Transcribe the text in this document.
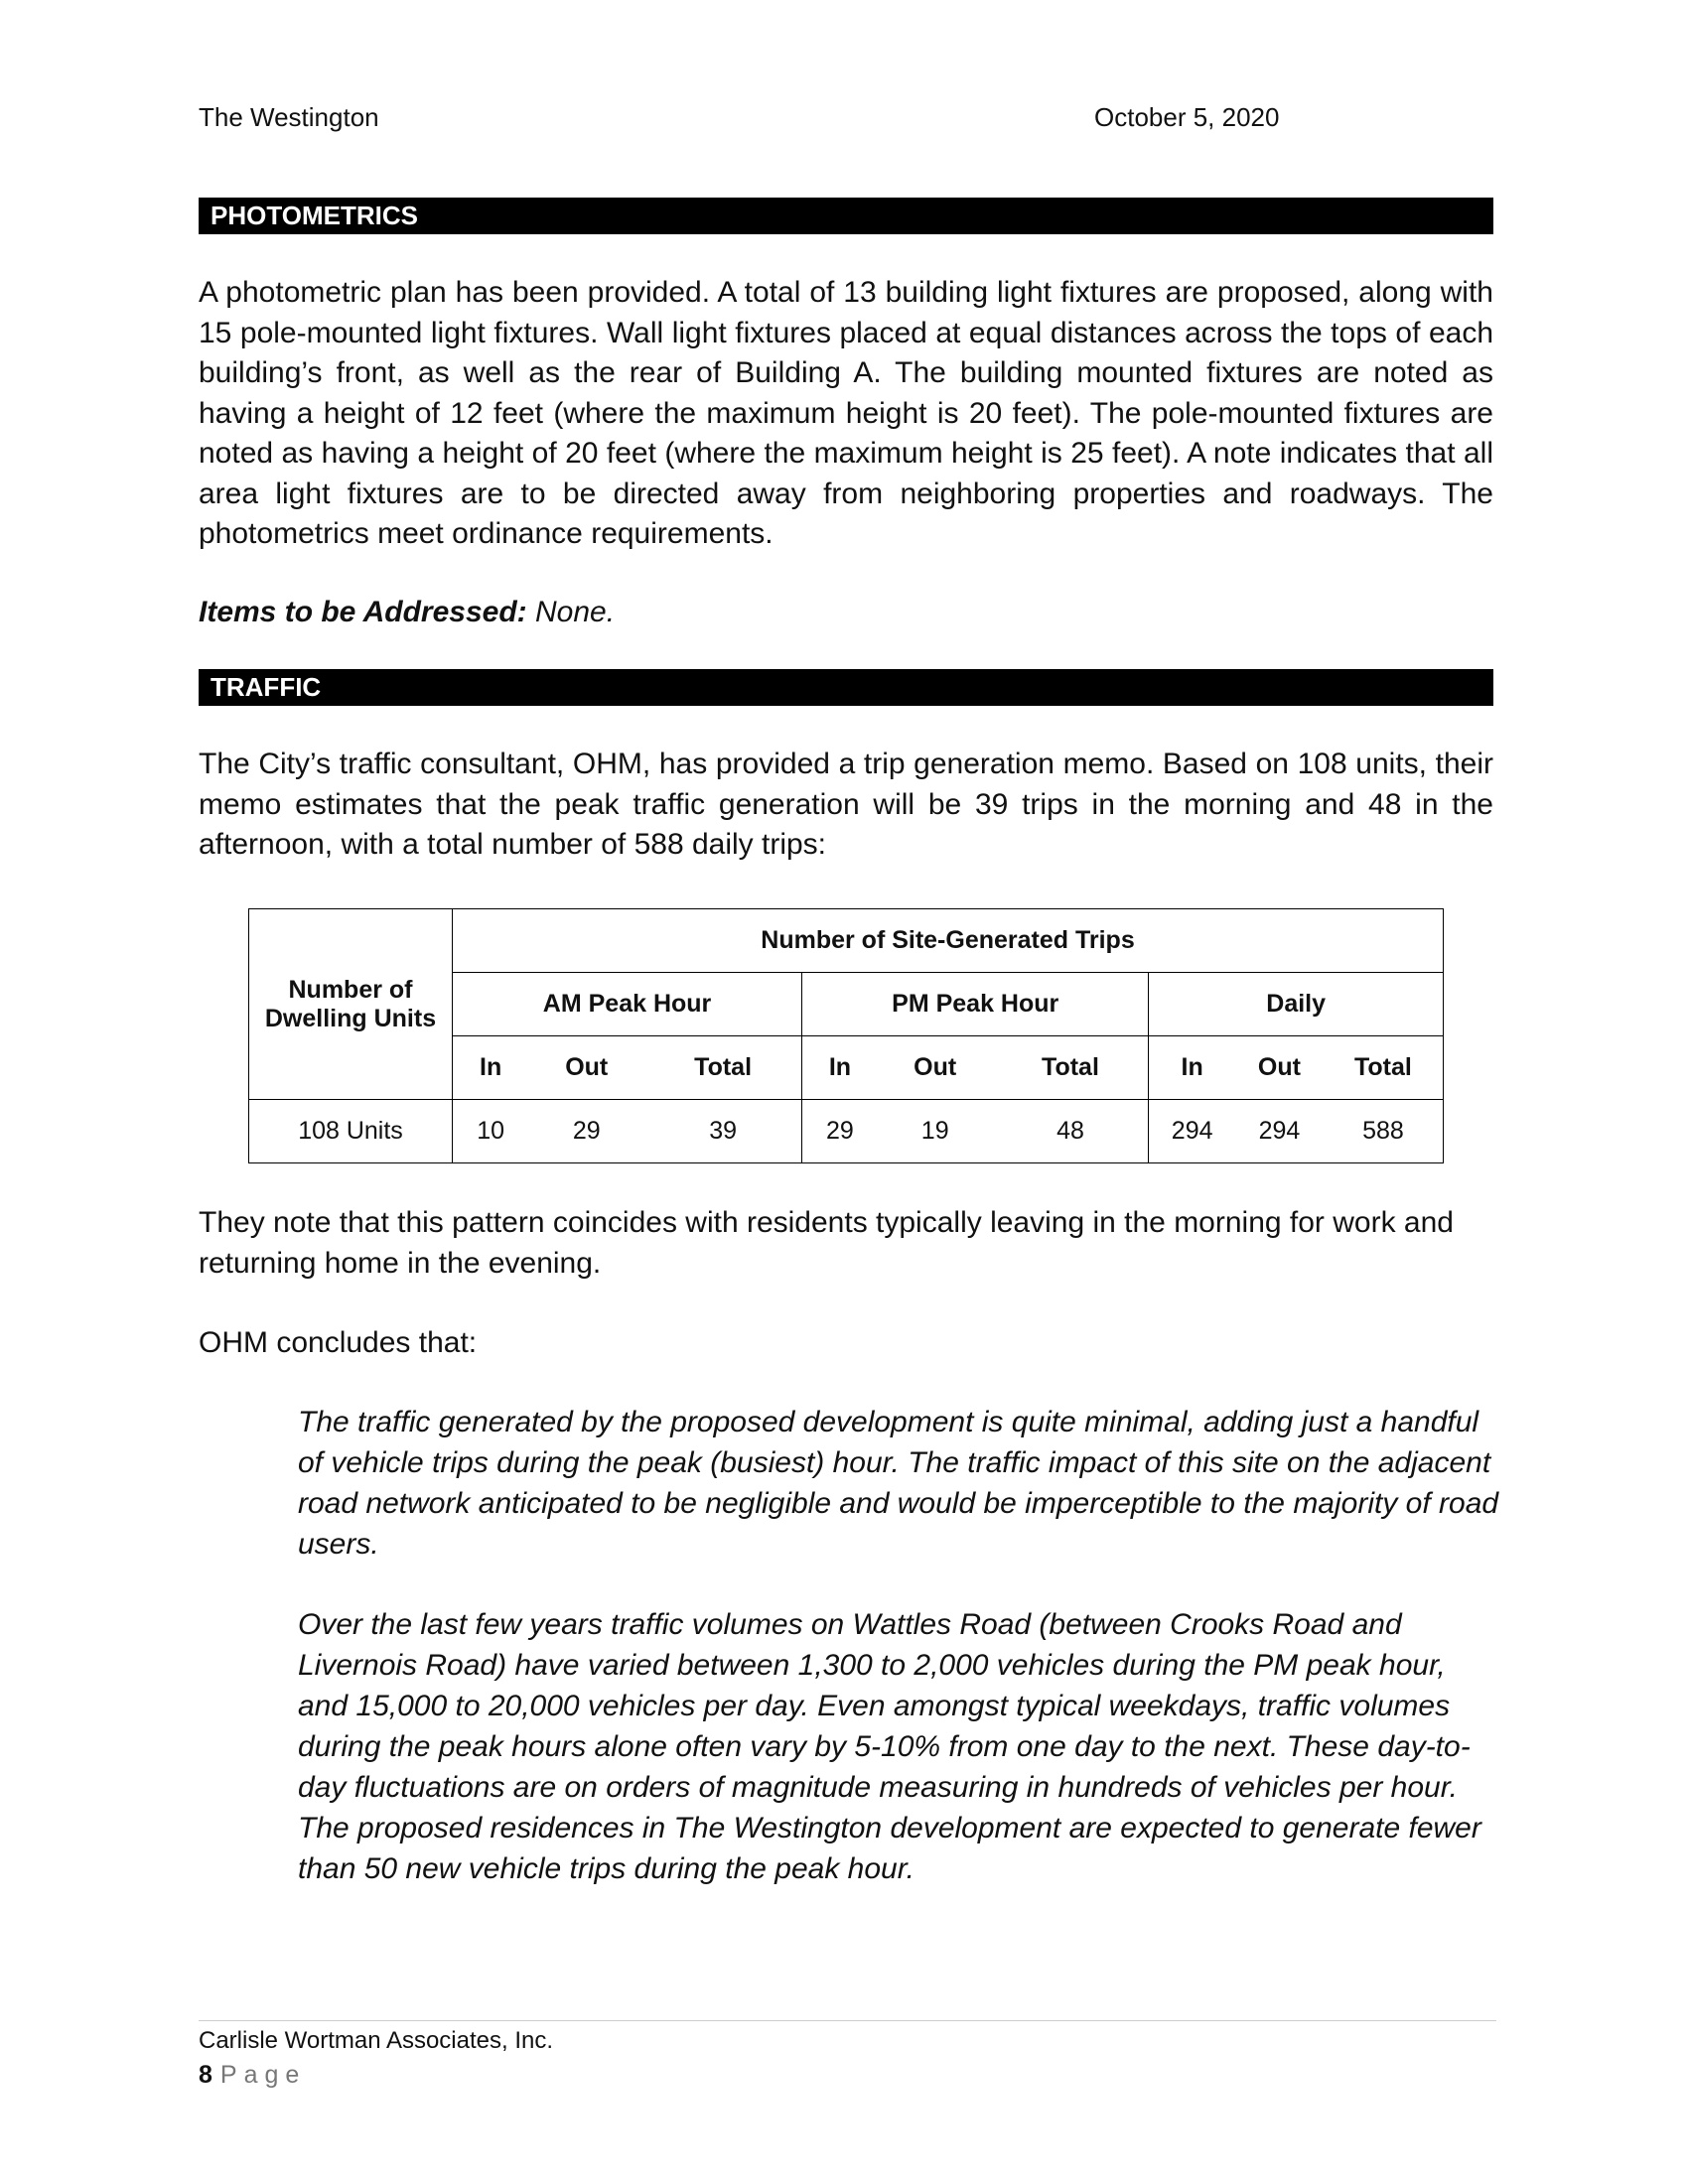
The Westington	October 5, 2020
PHOTOMETRICS

A photometric plan has been provided. A total of 13 building light fixtures are proposed, along with 15 pole-mounted light fixtures. Wall light fixtures placed at equal distances across the tops of each building’s front, as well as the rear of Building A. The building mounted fixtures are noted as having a height of 12 feet (where the maximum height is 20 feet). The pole-mounted fixtures are noted as having a height of 20 feet (where the maximum height is 25 feet). A note indicates that all area light fixtures are to be directed away from neighboring properties and roadways. The photometrics meet ordinance requirements.

Items to be Addressed: None.
TRAFFIC

The City’s traffic consultant, OHM, has provided a trip generation memo. Based on 108 units, their memo estimates that the peak traffic generation will be 39 trips in the morning and 48 in the afternoon, with a total number of 588 daily trips:

Number of Dwelling Units	Number of Site-Generated Trips								
	AM Peak Hour			PM Peak Hour			Daily		
	In	Out	Total	In	Out	Total	In	Out	Total
108 Units	10	29	39	29	19	48	294	294	588

They note that this pattern coincides with residents typically leaving in the morning for work and returning home in the evening.

OHM concludes that:

The traffic generated by the proposed development is quite minimal, adding just a handful of vehicle trips during the peak (busiest) hour. The traffic impact of this site on the adjacent road network anticipated to be negligible and would be imperceptible to the majority of road users.

Over the last few years traffic volumes on Wattles Road (between Crooks Road and Livernois Road) have varied between 1,300 to 2,000 vehicles during the PM peak hour, and 15,000 to 20,000 vehicles per day. Even amongst typical weekdays, traffic volumes during the peak hours alone often vary by 5-10% from one day to the next. These day-to-day fluctuations are on orders of magnitude measuring in hundreds of vehicles per hour. The proposed residences in The Westington development are expected to generate fewer than 50 new vehicle trips during the peak hour.

Carlisle Wortman Associates, Inc.
8 Page
